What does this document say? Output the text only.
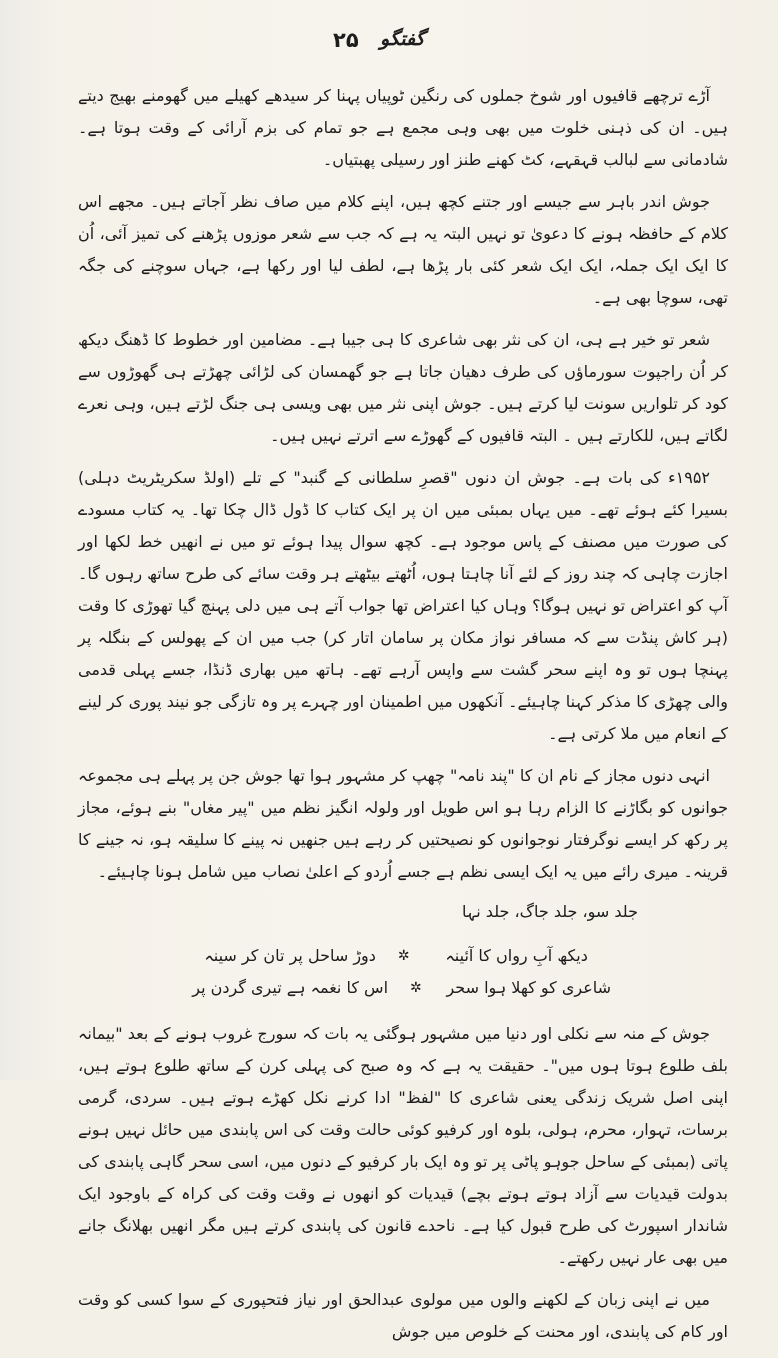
گفتگو
۲۵

آڑے ترچھے قافیوں اور شوخ جملوں کی رنگین ٹوپیاں پہنا کر سیدھے کھیلے میں گھومنے بھیج دیتے ہیں۔ ان کی ذہنی خلوت میں بھی وہی مجمع ہے جو تمام کی بزم آرائی کے وقت ہوتا ہے۔ شادمانی سے لبالب قہقہے، کٹ کھنے طنز اور رسیلی پھبتیاں۔

جوش اندر باہر سے جیسے اور جتنے کچھ ہیں، اپنے کلام میں صاف نظر آجاتے ہیں۔ مجھے اس کلام کے حافظہ ہونے کا دعویٰ تو نہیں البتہ یہ ہے کہ جب سے شعر موزوں پڑھنے کی تمیز آئی، اُن کا ایک ایک جملہ، ایک ایک شعر کئی بار پڑھا ہے، لطف لیا اور رکھا ہے، جہاں سوچنے کی جگہ تھی، سوچا بھی ہے۔

شعر تو خیر ہے ہی، ان کی نثر بھی شاعری کا ہی جیبا ہے۔ مضامین اور خطوط کا ڈھنگ دیکھ کر اُن راجپوت سورماؤں کی طرف دھیان جاتا ہے جو گھمسان کی لڑائی چھڑتے ہی گھوڑوں سے کود کر تلواریں سونت لیا کرتے ہیں۔ جوش اپنی نثر میں بھی ویسی ہی جنگ لڑتے ہیں، وہی نعرے لگاتے ہیں، للکارتے ہیں ۔ البتہ قافیوں کے گھوڑے سے اترتے نہیں ہیں۔

۱۹۵۲ء کی بات ہے۔ جوش ان دنوں "قصرِ سلطانی کے گنبد" کے تلے (اولڈ سکریٹریٹ دہلی) بسیرا کئے ہوئے تھے۔ میں یہاں بمبئی میں ان پر ایک کتاب کا ڈول ڈال چکا تھا۔ یہ کتاب مسودے کی صورت میں مصنف کے پاس موجود ہے۔ کچھ سوال پیدا ہوئے تو میں نے انھیں خط لکھا اور اجازت چاہی کہ چند روز کے لئے آنا چاہتا ہوں، اُٹھتے بیٹھتے ہر وقت سائے کی طرح ساتھ رہوں گا۔ آپ کو اعتراض تو نہیں ہوگا؟ وہاں کیا اعتراض تھا جواب آتے ہی میں دلی پہنچ گیا تھوڑی کا وقت (ہر کاش پنڈت سے کہ مسافر نواز مکان پر سامان اتار کر) جب میں ان کے پھولس کے بنگلہ پر پہنچا ہوں تو وہ اپنے سحر گشت سے واپس آرہے تھے۔ ہاتھ میں بھاری ڈنڈا، جسے پہلی قدمی والی چھڑی کا مذکر کہنا چاہیئے۔ آنکھوں میں اطمینان اور چہرے پر وہ تازگی جو نیند پوری کر لینے کے انعام میں ملا کرتی ہے۔

انہی دنوں مجاز کے نام ان کا "پند نامہ" چھپ کر مشہور ہوا تھا جوش جن پر پہلے ہی مجموعہ جوانوں کو بگاڑنے کا الزام رہا ہو اس طویل اور ولولہ انگیز نظم میں "پیر مغاں" بنے ہوئے، مجاز پر رکھ کر ایسے نوگرفتار نوجوانوں کو نصیحتیں کر رہے ہیں جنھیں نہ پینے کا سلیقہ ہو، نہ جینے کا قرینہ۔ میری رائے میں یہ ایک ایسی نظم ہے جسے اُردو کے اعلیٰ نصاب میں شامل ہونا چاہیئے۔

جلد سو، جلد جاگ، جلد نہا
دیکھ آبِ رواں کا آئینہ
✲
دوڑ ساحل پر تان کر سینہ
شاعری کو کھلا ہوا سحر
✲
اس کا نغمہ ہے تیری گردن پر

جوش کے منہ سے نکلی اور دنیا میں مشہور ہوگئی یہ بات کہ سورج غروب ہونے کے بعد "بیمانہ بلف طلوع ہوتا ہوں میں"۔ حقیقت یہ ہے کہ وہ صبح کی پہلی کرن کے ساتھ طلوع ہوتے ہیں، اپنی اصل شریک زندگی یعنی شاعری کا "لفظ" ادا کرنے نکل کھڑے ہوتے ہیں۔ سردی، گرمی برسات، تہوار، محرم، ہولی، بلوہ اور کرفیو کوئی حالت وقت کی اس پابندی میں حائل نہیں ہونے پاتی (بمبئی کے ساحل جوہو پاٹی پر تو وہ ایک بار کرفیو کے دنوں میں، اسی سحر گاہی پابندی کی بدولت قیدیات سے آزاد ہوتے ہوتے بچے) قیدیات کو انھوں نے وقت وقت کی کراہ کے باوجود ایک شاندار اسپورٹ کی طرح قبول کیا ہے۔ ناحدے قانون کی پابندی کرتے ہیں مگر انھیں بھلانگ جانے میں بھی عار نہیں رکھتے۔

میں نے اپنی زبان کے لکھنے والوں میں مولوی عبدالحق اور نیاز فتحپوری کے سوا کسی کو وقت اور کام کی پابندی، اور محنت کے خلوص میں جوش
